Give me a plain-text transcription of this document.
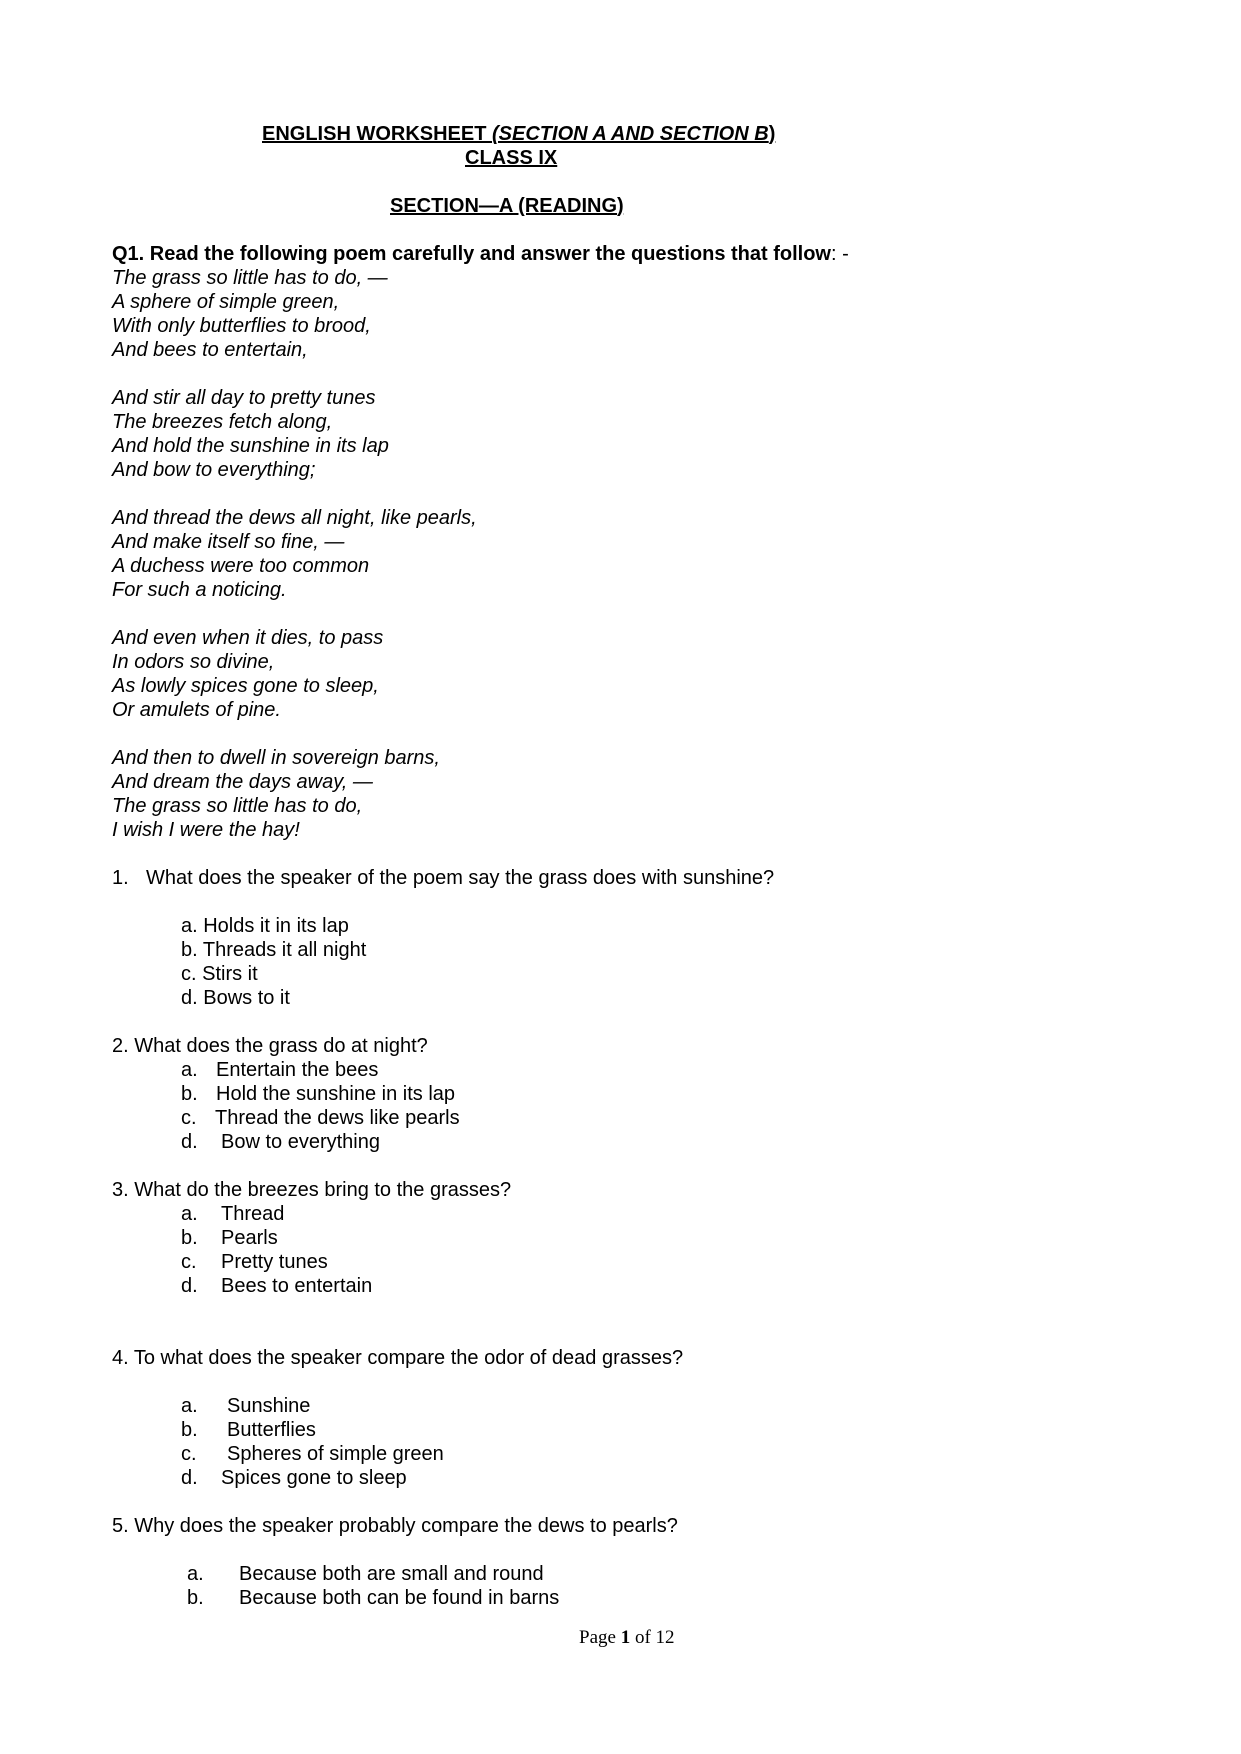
ENGLISH WORKSHEET (SECTION A AND SECTION B)
CLASS IX
SECTION—A (READING)
Q1. Read the following poem carefully and answer the questions that follow: -
The grass so little has to do, —
A sphere of simple green,
With only butterflies to brood,
And bees to entertain,
And stir all day to pretty tunes
The breezes fetch along,
And hold the sunshine in its lap
And bow to everything;
And thread the dews all night, like pearls,
And make itself so fine, —
A duchess were too common
For such a noticing.
And even when it dies, to pass
In odors so divine,
As lowly spices gone to sleep,
Or amulets of pine.
And then to dwell in sovereign barns,
And dream the days away, —
The grass so little has to do,
I wish I were the hay!
1. What does the speaker of the poem say the grass does with sunshine?
a. Holds it in its lap
b. Threads it all night
c. Stirs it
d. Bows to it
2. What does the grass do at night?
a. Entertain the bees
b. Hold the sunshine in its lap
c. Thread the dews like pearls
d. Bow to everything
3. What do the breezes bring to the grasses?
a. Thread
b. Pearls
c. Pretty tunes
d. Bees to entertain
4. To what does the speaker compare the odor of dead grasses?
a. Sunshine
b. Butterflies
c. Spheres of simple green
d. Spices gone to sleep
5. Why does the speaker probably compare the dews to pearls?
a. Because both are small and round
b. Because both can be found in barns
Page 1 of 12
